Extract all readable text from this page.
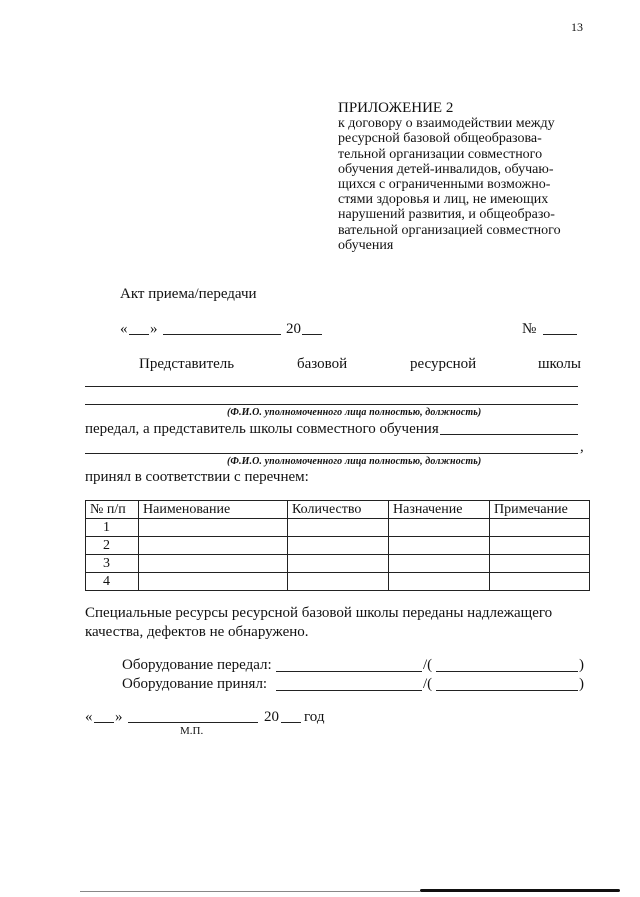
13
ПРИЛОЖЕНИЕ 2
к договору о взаимодействии между
ресурсной базовой общеобразова-
тельной организации совместного
обучения детей-инвалидов, обучаю-
щихся с ограниченными возможно-
стями здоровья и лиц, не имеющих
нарушений развития, и общеобразо-
вательной организацией совместного
обучения
Акт приема/передачи
« »	20	№
Представитель	базовой	ресурсной	школы
(Ф.И.О. уполномоченного лица полностью, должность)
передал, а представитель школы совместного обучения
,
(Ф.И.О. уполномоченного лица полностью, должность)
принял в соответствии с перечнем:
№ п/п	Наименование	Количество	Назначение	Примечание
1				
2				
3				
4				
Специальные ресурсы ресурсной базовой школы переданы надлежащего
качества, дефектов не обнаружено.
Оборудование передал:	/(	)
Оборудование принял:	/(	)
« »	20 год
М.П.
